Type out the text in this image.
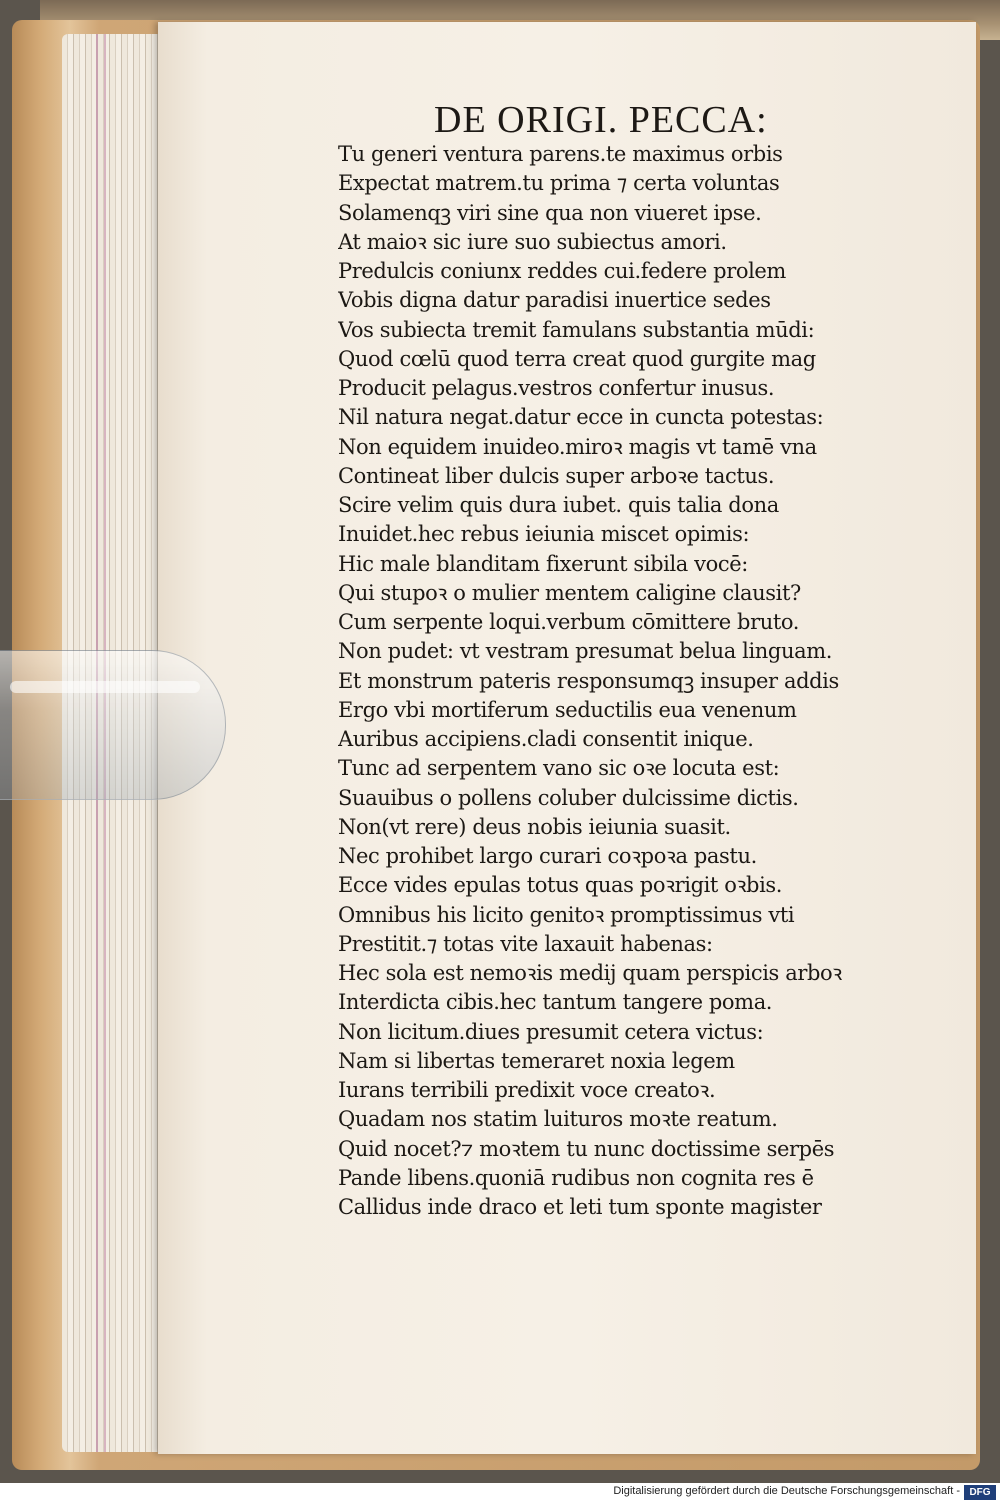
DE ORIGI. PECCA:
Tu generi ventura parens.te maximus orbis
Expectat matrem.tu prima ⁊ certa voluntas
Solamenqꝫ viri sine qua non viueret ipse.
At maioꝛ sic iure suo subiectus amori.
Predulcis coniunx reddes cui.federe prolem
Vobis digna datur paradisi inuertice sedes
Vos subiecta tremit famulans substantia mūdi:
Quod cœlū quod terra creat quod gurgite mag
Producit pelagus.vestros confertur inusus.
Nil natura negat.datur ecce in cuncta potestas:
Non equidem inuideo.miroꝛ magis vt tamē vna
Contineat liber dulcis super arboꝛe tactus.
Scire velim quis dura iubet. quis talia dona
Inuidet.hec rebus ieiunia miscet opimis:
Hic male blanditam fixerunt sibila vocē:
Qui stupoꝛ o mulier mentem caligine clausit?
Cum serpente loqui.verbum cōmittere bruto.
Non pudet: vt vestram presumat belua linguam.
Et monstrum pateris responsumqꝫ insuper addis
Ergo vbi mortiferum seductilis eua venenum
Auribus accipiens.cladi consentit inique.
Tunc ad serpentem vano sic oꝛe locuta est:
Suauibus o pollens coluber dulcissime dictis.
Non(vt rere) deus nobis ieiunia suasit.
Nec prohibet largo curari coꝛpoꝛa pastu.
Ecce vides epulas totus quas poꝛrigit oꝛbis.
Omnibus his licito genitoꝛ promptissimus vti
Prestitit.⁊ totas vite laxauit habenas:
Hec sola est nemoꝛis medij quam perspicis arboꝛ
Interdicta cibis.hec tantum tangere poma.
Non licitum.diues presumit cetera victus:
Nam si libertas temeraret noxia legem
Iurans terribili predixit voce creatoꝛ.
Quadam nos statim luituros moꝛte reatum.
Quid nocet?⁊ moꝛtem tu nunc doctissime serpēs
Pande libens.quoniā rudibus non cognita res ē
Callidus inde draco et leti tum sponte magister
Digitalisierung gefördert durch die Deutsche Forschungsgemeinschaft - DFG
